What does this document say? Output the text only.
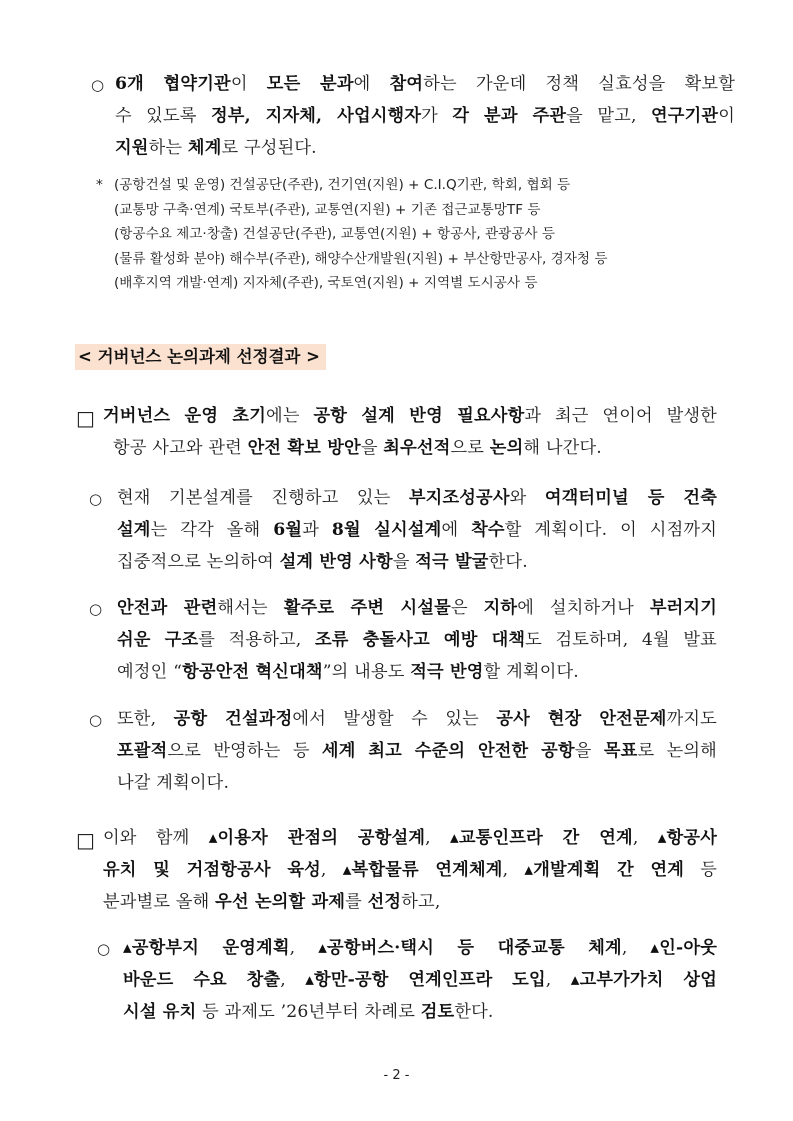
○ 6개 협약기관이 모든 분과에 참여하는 가운데 정책 실효성을 확보할
수 있도록 정부, 지자체, 사업시행자가 각 분과 주관을 맡고, 연구기관이
지원하는 체계로 구성된다.
* (공항건설 및 운영) 건설공단(주관), 건기연(지원) + C.I.Q기관, 학회, 협회 등
(교통망 구축·연계) 국토부(주관), 교통연(지원) + 기존 접근교통망TF 등
(항공수요 제고·창출) 건설공단(주관), 교통연(지원) + 항공사, 관광공사 등
(물류 활성화 분야) 해수부(주관), 해양수산개발원(지원) + 부산항만공사, 경자청 등
(배후지역 개발·연계) 지자체(주관), 국토연(지원) + 지역별 도시공사 등
< 거버넌스 논의과제 선정결과 >
□ 거버넌스 운영 초기에는 공항 설계 반영 필요사항과 최근 연이어 발생한
항공 사고와 관련 안전 확보 방안을 최우선적으로 논의해 나간다.
○ 현재 기본설계를 진행하고 있는 부지조성공사와 여객터미널 등 건축
설계는 각각 올해 6월과 8월 실시설계에 착수할 계획이다. 이 시점까지
집중적으로 논의하여 설계 반영 사항을 적극 발굴한다.
○ 안전과 관련해서는 활주로 주변 시설물은 지하에 설치하거나 부러지기
쉬운 구조를 적용하고, 조류 충돌사고 예방 대책도 검토하며, 4월 발표
예정인 “항공안전 혁신대책”의 내용도 적극 반영할 계획이다.
○ 또한, 공항 건설과정에서 발생할 수 있는 공사 현장 안전문제까지도
포괄적으로 반영하는 등 세계 최고 수준의 안전한 공항을 목표로 논의해
나갈 계획이다.
□ 이와 함께 ▴이용자 관점의 공항설계, ▴교통인프라 간 연계, ▴항공사
유치 및 거점항공사 육성, ▴복합물류 연계체계, ▴개발계획 간 연계 등
분과별로 올해 우선 논의할 과제를 선정하고,
○ ▴공항부지 운영계획, ▴공항버스·택시 등 대중교통 체계, ▴인-아웃
바운드 수요 창출, ▴항만-공항 연계인프라 도입, ▴고부가가치 상업
시설 유치 등 과제도 ’26년부터 차례로 검토한다.
- 2 -
